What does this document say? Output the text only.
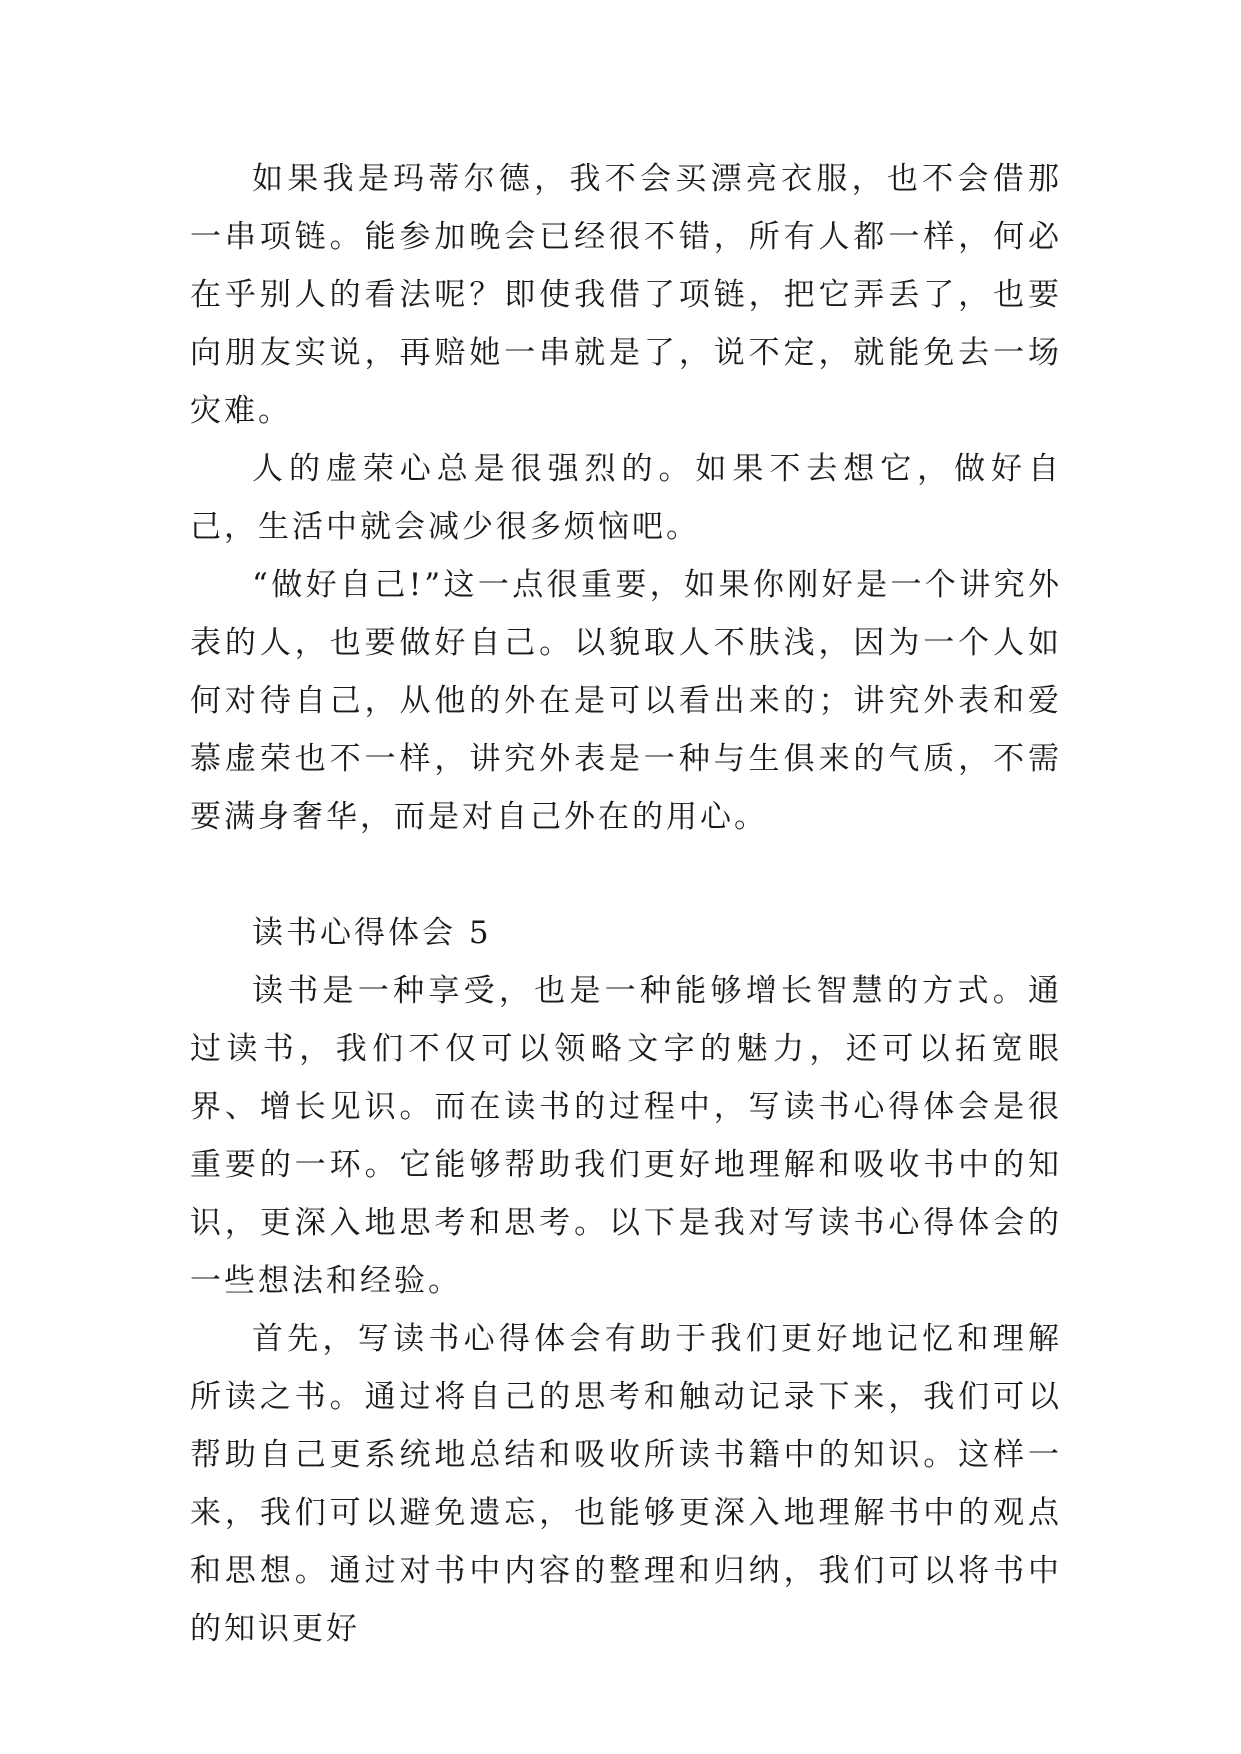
如果我是玛蒂尔德，我不会买漂亮衣服，也不会借那一串项链。能参加晚会已经很不错，所有人都一样，何必在乎别人的看法呢？即使我借了项链，把它弄丢了，也要向朋友实说，再赔她一串就是了，说不定，就能免去一场灾难。

人的虚荣心总是很强烈的。如果不去想它，做好自己，生活中就会减少很多烦恼吧。

“做好自己!”这一点很重要，如果你刚好是一个讲究外表的人，也要做好自己。以貌取人不肤浅，因为一个人如何对待自己，从他的外在是可以看出来的；讲究外表和爱慕虚荣也不一样，讲究外表是一种与生俱来的气质，不需要满身奢华，而是对自己外在的用心。

读书心得体会 5

读书是一种享受，也是一种能够增长智慧的方式。通过读书，我们不仅可以领略文字的魅力，还可以拓宽眼界、增长见识。而在读书的过程中，写读书心得体会是很重要的一环。它能够帮助我们更好地理解和吸收书中的知识，更深入地思考和思考。以下是我对写读书心得体会的一些想法和经验。

首先，写读书心得体会有助于我们更好地记忆和理解所读之书。通过将自己的思考和触动记录下来，我们可以帮助自己更系统地总结和吸收所读书籍中的知识。这样一来，我们可以避免遗忘，也能够更深入地理解书中的观点和思想。通过对书中内容的整理和归纳，我们可以将书中的知识更好
